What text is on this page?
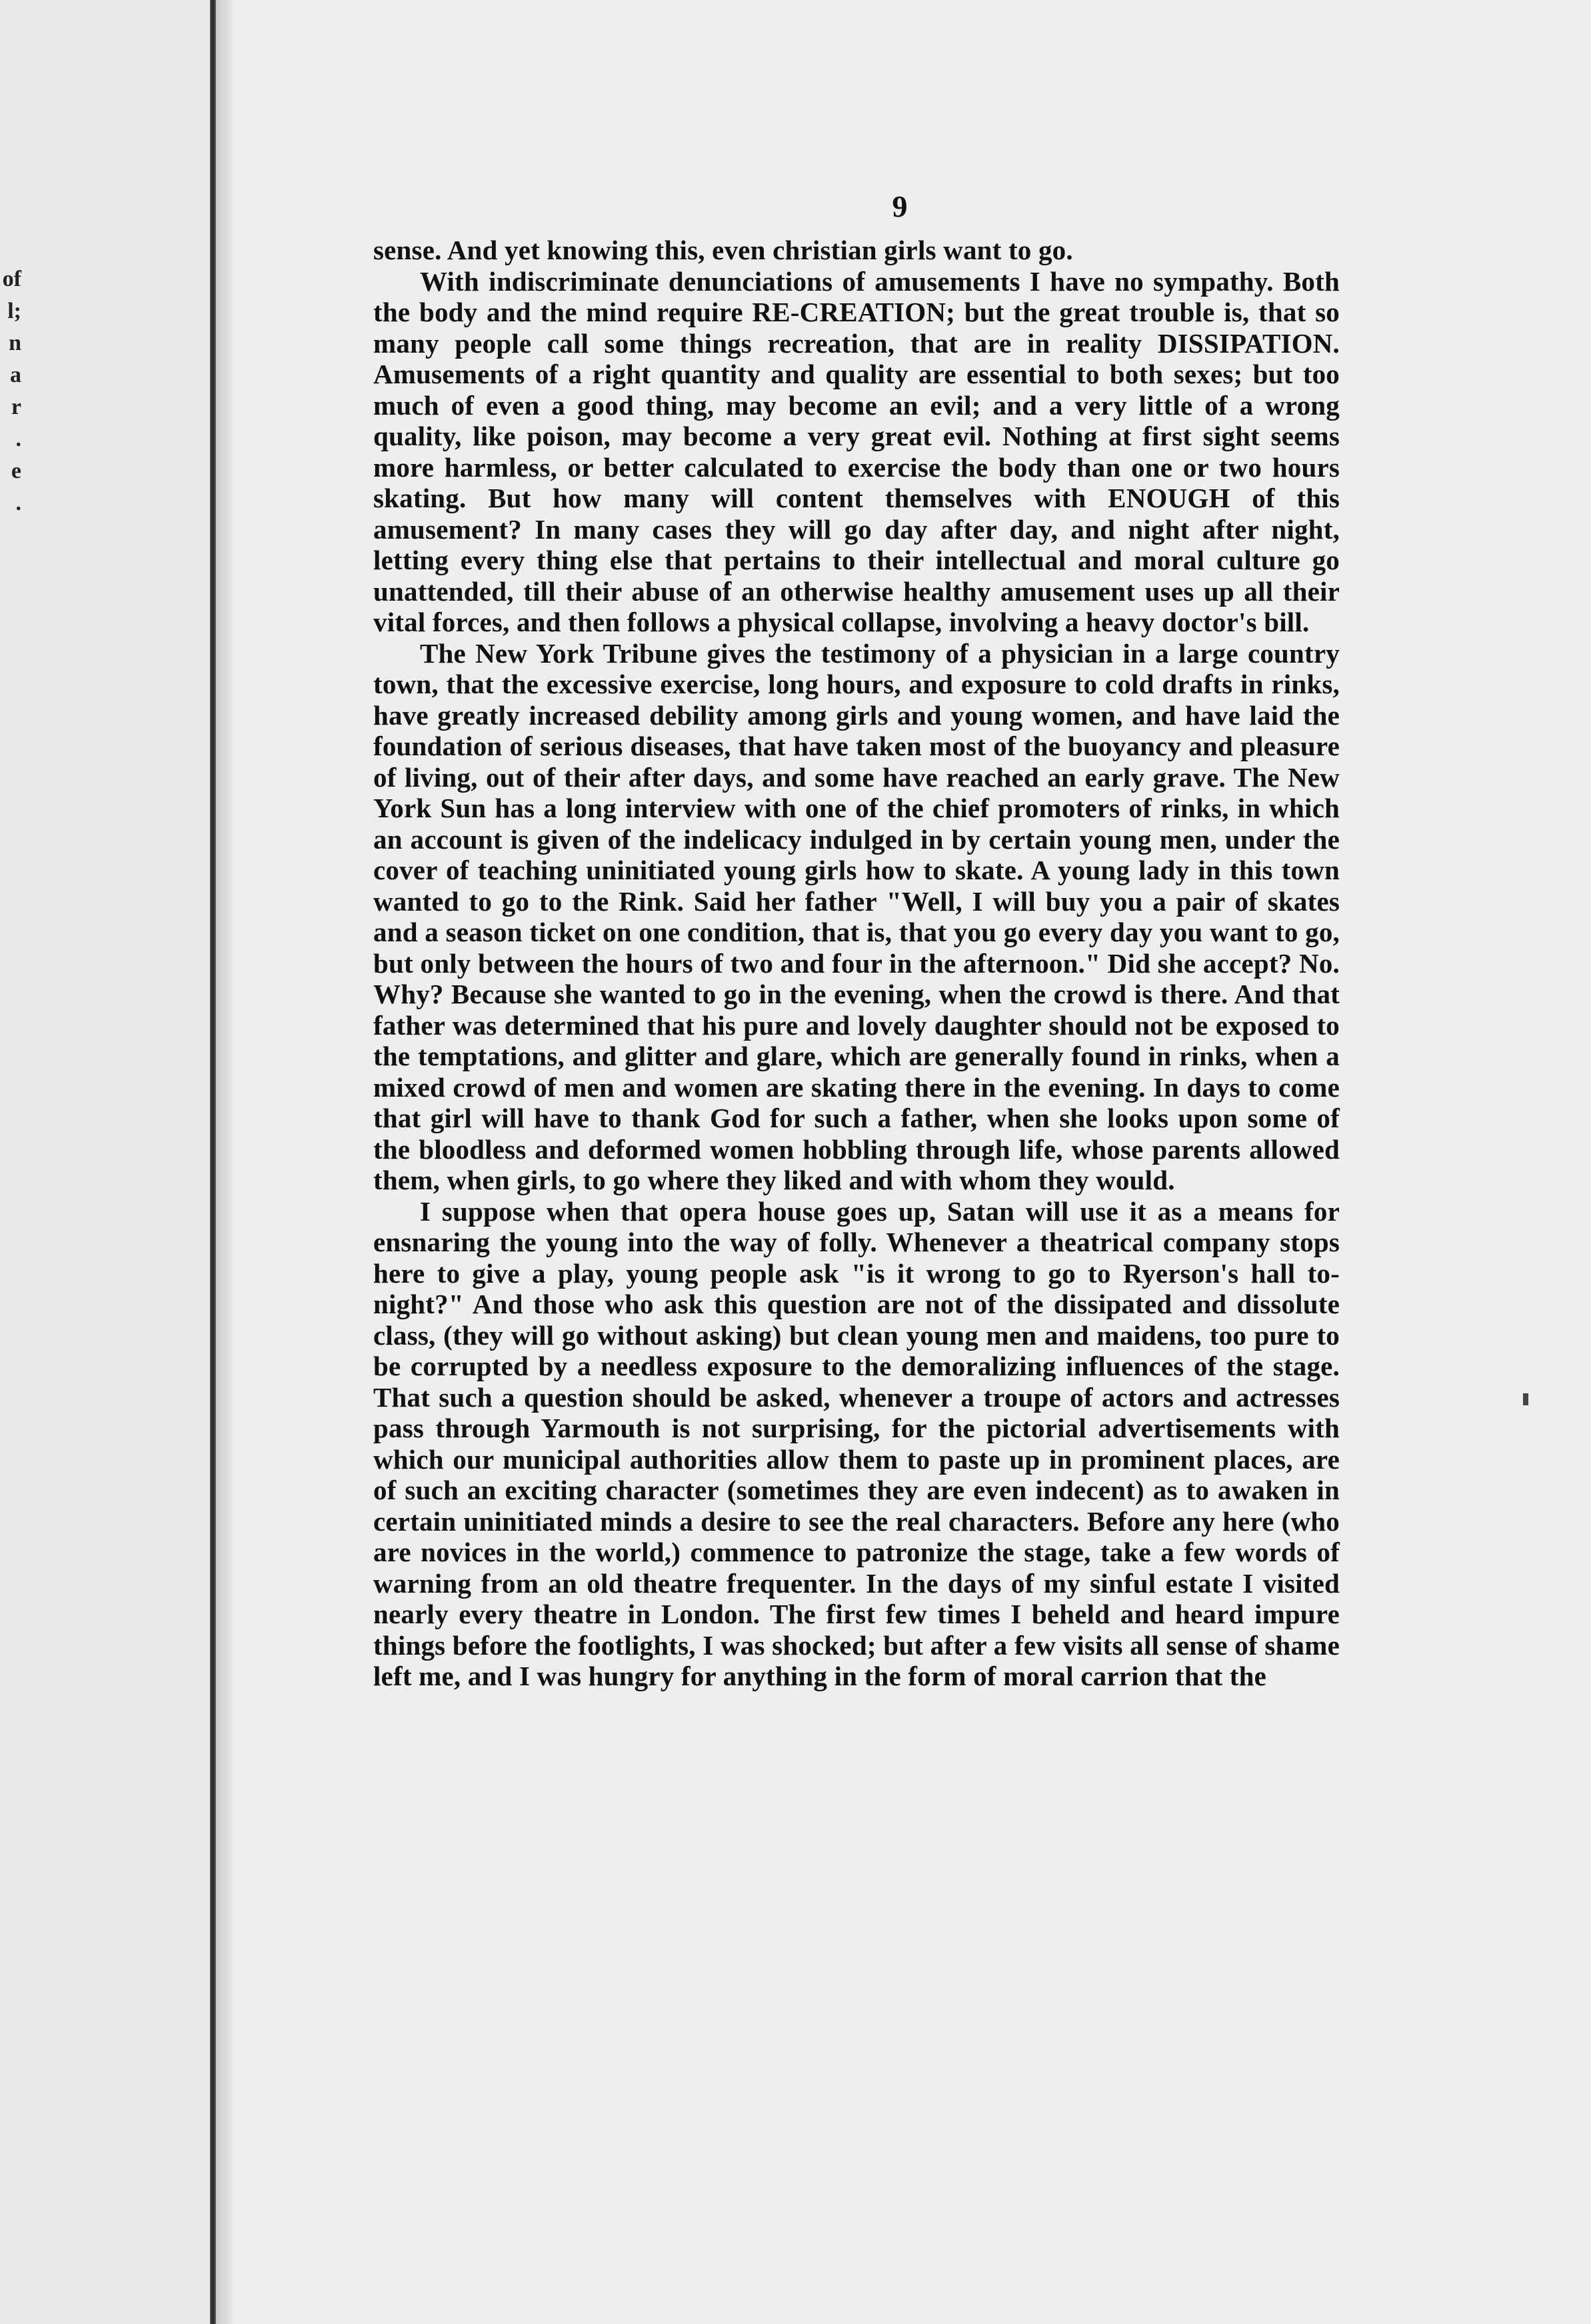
of
l;
n
a
r
.
e
.
9

sense. And yet knowing this, even christian girls want to go.

With indiscriminate denunciations of amusements I have no sympathy. Both the body and the mind require RE-CREATION; but the great trouble is, that so many people call some things recreation, that are in reality DISSIPATION. Amusements of a right quantity and quality are essential to both sexes; but too much of even a good thing, may become an evil; and a very little of a wrong quality, like poison, may become a very great evil. Nothing at first sight seems more harmless, or better calculated to exercise the body than one or two hours skating. But how many will content themselves with ENOUGH of this amusement? In many cases they will go day after day, and night after night, letting every thing else that pertains to their intellectual and moral culture go unattended, till their abuse of an otherwise healthy amusement uses up all their vital forces, and then follows a physical collapse, involving a heavy doctor's bill.

The New York Tribune gives the testimony of a physician in a large country town, that the excessive exercise, long hours, and exposure to cold drafts in rinks, have greatly increased debility among girls and young women, and have laid the foundation of serious diseases, that have taken most of the buoyancy and pleasure of living, out of their after days, and some have reached an early grave. The New York Sun has a long interview with one of the chief promoters of rinks, in which an account is given of the indelicacy indulged in by certain young men, under the cover of teaching uninitiated young girls how to skate. A young lady in this town wanted to go to the Rink. Said her father "Well, I will buy you a pair of skates and a season ticket on one condition, that is, that you go every day you want to go, but only between the hours of two and four in the afternoon." Did she accept? No. Why? Because she wanted to go in the evening, when the crowd is there. And that father was determined that his pure and lovely daughter should not be exposed to the temptations, and glitter and glare, which are generally found in rinks, when a mixed crowd of men and women are skating there in the evening. In days to come that girl will have to thank God for such a father, when she looks upon some of the bloodless and deformed women hobbling through life, whose parents allowed them, when girls, to go where they liked and with whom they would.

I suppose when that opera house goes up, Satan will use it as a means for ensnaring the young into the way of folly. Whenever a theatrical company stops here to give a play, young people ask "is it wrong to go to Ryerson's hall to-night?" And those who ask this question are not of the dissipated and dissolute class, (they will go without asking) but clean young men and maidens, too pure to be corrupted by a needless exposure to the demoralizing influences of the stage. That such a question should be asked, whenever a troupe of actors and actresses pass through Yarmouth is not surprising, for the pictorial advertisements with which our municipal authorities allow them to paste up in prominent places, are of such an exciting character (sometimes they are even indecent) as to awaken in certain uninitiated minds a desire to see the real characters. Before any here (who are novices in the world,) commence to patronize the stage, take a few words of warning from an old theatre frequenter. In the days of my sinful estate I visited nearly every theatre in London. The first few times I beheld and heard impure things before the footlights, I was shocked; but after a few visits all sense of shame left me, and I was hungry for anything in the form of moral carrion that the
